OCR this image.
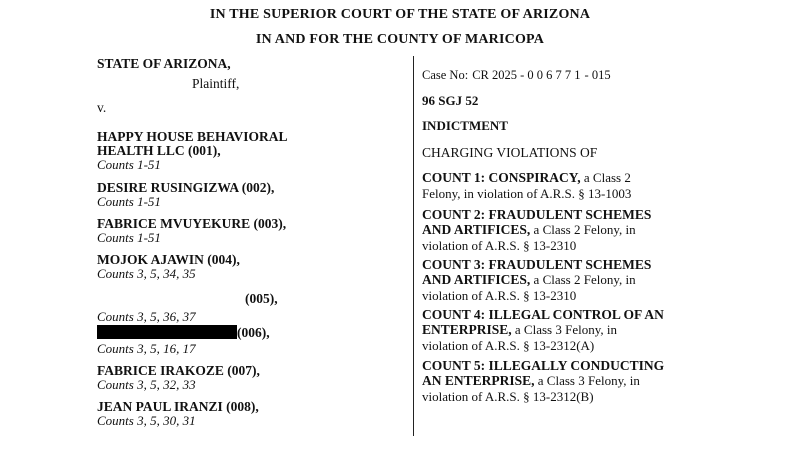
IN THE SUPERIOR COURT OF THE STATE OF ARIZONA
IN AND FOR THE COUNTY OF MARICOPA
STATE OF ARIZONA,
Plaintiff,
v.
HAPPY HOUSE BEHAVIORAL
HEALTH LLC (001),
Counts 1-51
DESIRE RUSINGIZWA (002),
Counts 1-51
FABRICE MVUYEKURE (003),
Counts 1-51
MOJOK AJAWIN (004),
Counts 3, 5, 34, 35
(005),
Counts 3, 5, 36, 37
(006),
Counts 3, 5, 16, 17
FABRICE IRAKOZE (007),
Counts 3, 5, 32, 33
JEAN PAUL IRANZI (008),
Counts 3, 5, 30, 31
Case No: CR 2025 - 0 0 6 7 7 1 - 015
96 SGJ 52
INDICTMENT
CHARGING VIOLATIONS OF
COUNT 1: CONSPIRACY, a Class 2
Felony, in violation of A.R.S. § 13-1003
COUNT 2: FRAUDULENT SCHEMES
AND ARTIFICES, a Class 2 Felony, in
violation of A.R.S. § 13-2310
COUNT 3: FRAUDULENT SCHEMES
AND ARTIFICES, a Class 2 Felony, in
violation of A.R.S. § 13-2310
COUNT 4: ILLEGAL CONTROL OF AN
ENTERPRISE, a Class 3 Felony, in
violation of A.R.S. § 13-2312(A)
COUNT 5: ILLEGALLY CONDUCTING
AN ENTERPRISE, a Class 3 Felony, in
violation of A.R.S. § 13-2312(B)
